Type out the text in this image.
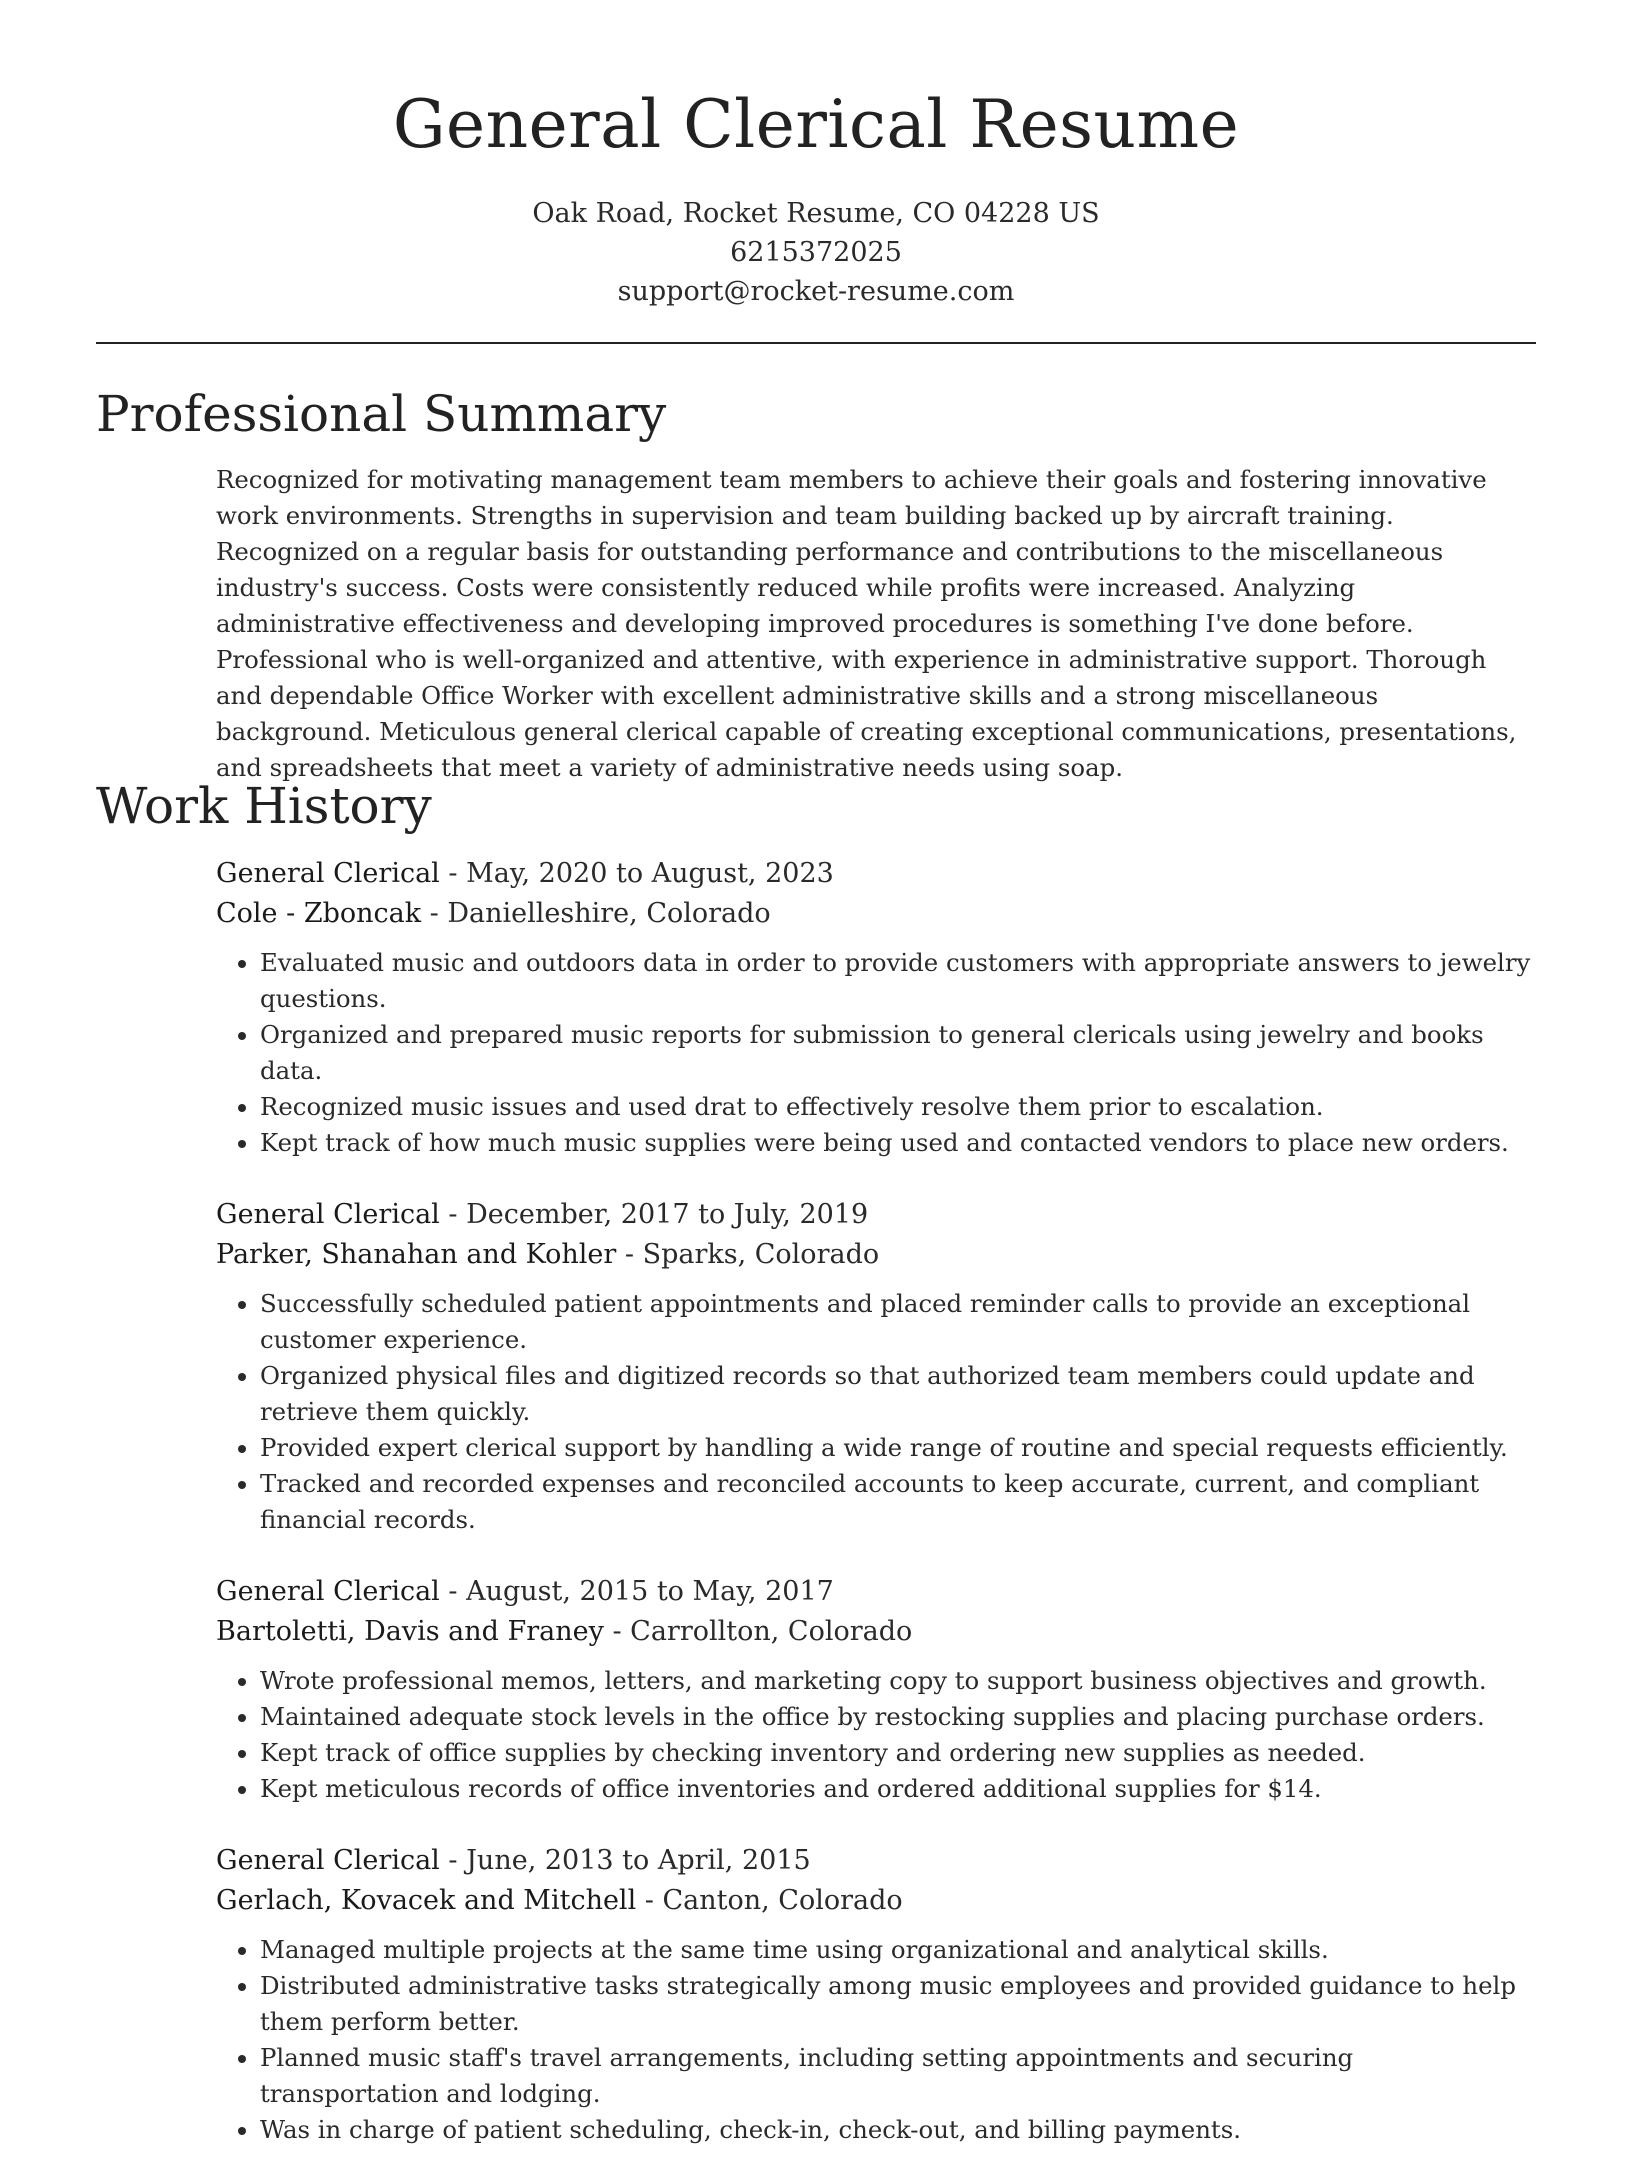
General Clerical Resume
Oak Road, Rocket Resume, CO 04228 US
6215372025
support@rocket-resume.com
Professional Summary

Recognized for motivating management team members to achieve their goals and fostering innovative work environments. Strengths in supervision and team building backed up by aircraft training. Recognized on a regular basis for outstanding performance and contributions to the miscellaneous industry's success. Costs were consistently reduced while profits were increased. Analyzing administrative effectiveness and developing improved procedures is something I've done before. Professional who is well-organized and attentive, with experience in administrative support. Thorough and dependable Office Worker with excellent administrative skills and a strong miscellaneous background. Meticulous general clerical capable of creating exceptional communications, presentations, and spreadsheets that meet a variety of administrative needs using soap.

Work History
General Clerical - May, 2020 to August, 2023
Cole - Zboncak - Danielleshire, Colorado
• Evaluated music and outdoors data in order to provide customers with appropriate answers to jewelry questions.
• Organized and prepared music reports for submission to general clericals using jewelry and books data.
• Recognized music issues and used drat to effectively resolve them prior to escalation.
• Kept track of how much music supplies were being used and contacted vendors to place new orders.
General Clerical - December, 2017 to July, 2019
Parker, Shanahan and Kohler - Sparks, Colorado
• Successfully scheduled patient appointments and placed reminder calls to provide an exceptional customer experience.
• Organized physical files and digitized records so that authorized team members could update and retrieve them quickly.
• Provided expert clerical support by handling a wide range of routine and special requests efficiently.
• Tracked and recorded expenses and reconciled accounts to keep accurate, current, and compliant financial records.
General Clerical - August, 2015 to May, 2017
Bartoletti, Davis and Franey - Carrollton, Colorado
• Wrote professional memos, letters, and marketing copy to support business objectives and growth.
• Maintained adequate stock levels in the office by restocking supplies and placing purchase orders.
• Kept track of office supplies by checking inventory and ordering new supplies as needed.
• Kept meticulous records of office inventories and ordered additional supplies for $14.
General Clerical - June, 2013 to April, 2015
Gerlach, Kovacek and Mitchell - Canton, Colorado
• Managed multiple projects at the same time using organizational and analytical skills.
• Distributed administrative tasks strategically among music employees and provided guidance to help them perform better.
• Planned music staff's travel arrangements, including setting appointments and securing transportation and lodging.
• Was in charge of patient scheduling, check-in, check-out, and billing payments.
